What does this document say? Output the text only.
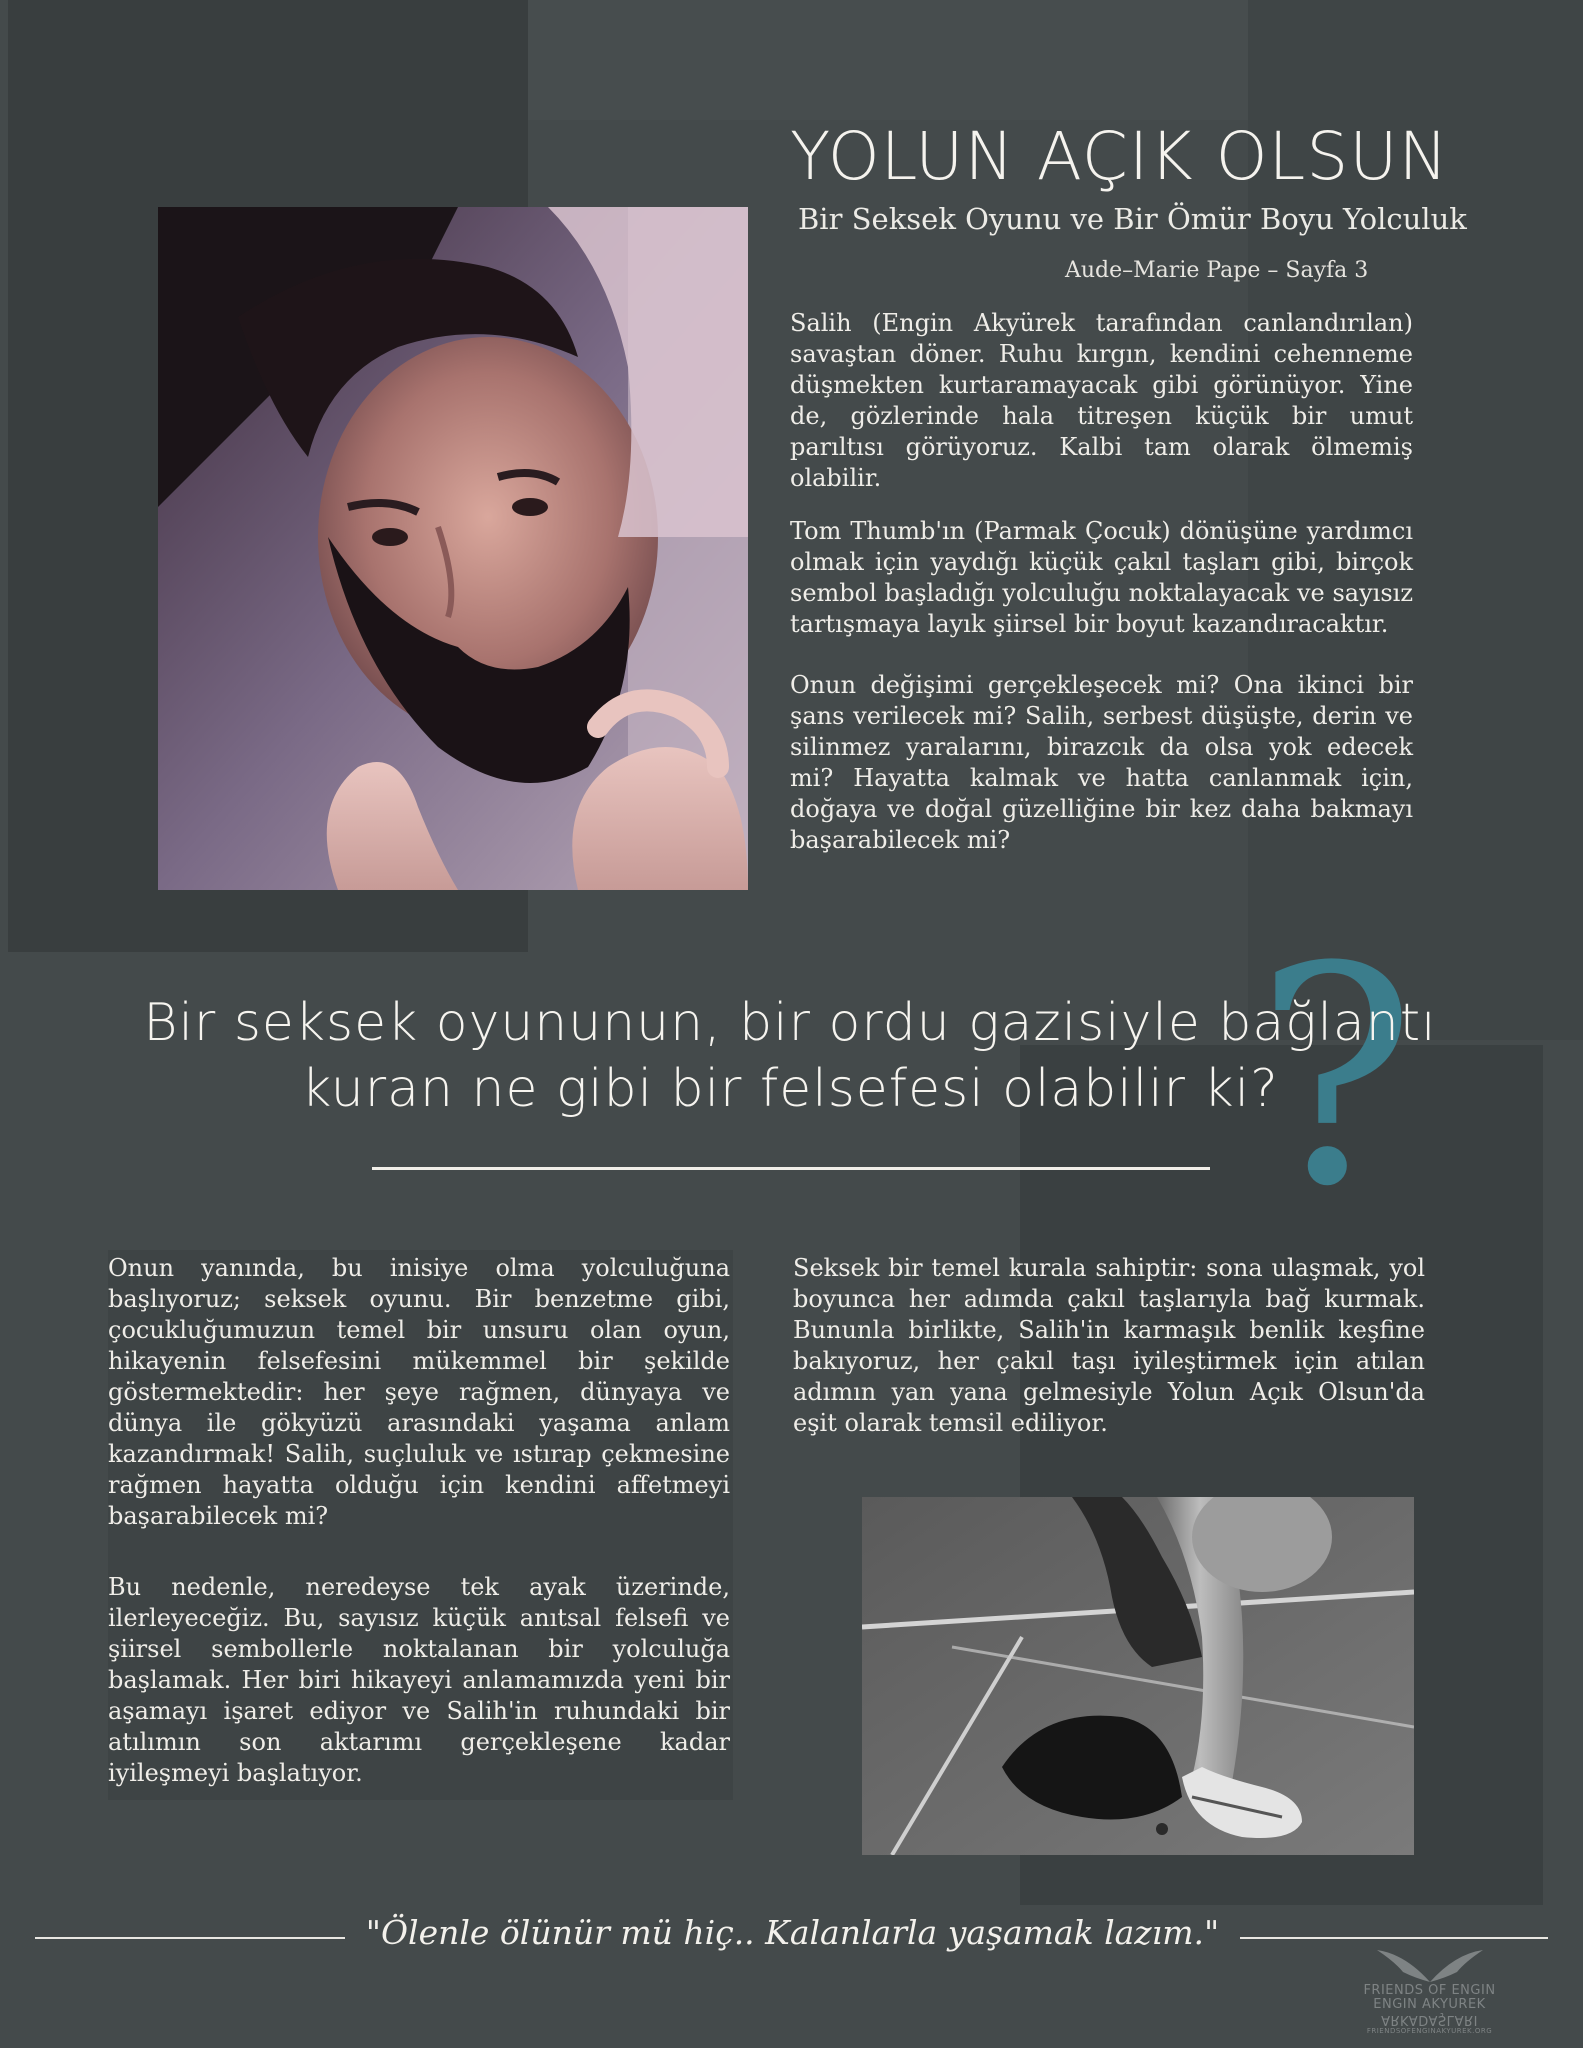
?
YOLUN AÇIK OLSUN
Bir Seksek Oyunu ve Bir Ömür Boyu Yolculuk
Aude–Marie Pape – Sayfa 3

Salih (Engin Akyürek tarafından canlandırılan) savaştan döner. Ruhu kırgın, kendini cehenneme düşmekten kurtaramayacak gibi görünüyor. Yine de, gözlerinde hala titreşen küçük bir umut parıltısı görüyoruz. Kalbi tam olarak ölmemiş olabilir.

Tom Thumb'ın (Parmak Çocuk) dönüşüne yardımcı olmak için yaydığı küçük çakıl taşları gibi, birçok sembol başladığı yolculuğu noktalayacak ve sayısız tartışmaya layık şiirsel bir boyut kazandıracaktır.

Onun değişimi gerçekleşecek mi? Ona ikinci bir şans verilecek mi? Salih, serbest düşüşte, derin ve silinmez yaralarını, birazcık da olsa yok edecek mi? Hayatta kalmak ve hatta canlanmak için, doğaya ve doğal güzelliğine bir kez daha bakmayı başarabilecek mi?

Bir seksek oyununun, bir ordu gazisiyle bağlantı
kuran ne gibi bir felsefesi olabilir ki?

Onun yanında, bu inisiye olma yolculuğuna başlıyoruz; seksek oyunu. Bir benzetme gibi, çocukluğumuzun temel bir unsuru olan oyun, hikayenin felsefesini mükemmel bir şekilde göstermektedir: her şeye rağmen, dünyaya ve dünya ile gökyüzü arasındaki yaşama anlam kazandırmak! Salih, suçluluk ve ıstırap çekmesine rağmen hayatta olduğu için kendini affetmeyi başarabilecek mi?

Bu nedenle, neredeyse tek ayak üzerinde, ilerleyeceğiz. Bu, sayısız küçük anıtsal felsefi ve şiirsel sembollerle noktalanan bir yolculuğa başlamak. Her biri hikayeyi anlamamızda yeni bir aşamayı işaret ediyor ve Salih'in ruhundaki bir atılımın son aktarımı gerçekleşene kadar iyileşmeyi başlatıyor.

Seksek bir temel kurala sahiptir: sona ulaşmak, yol boyunca her adımda çakıl taşlarıyla bağ kurmak. Bununla birlikte, Salih'in karmaşık benlik keşfine bakıyoruz, her çakıl taşı iyileştirmek için atılan adımın yan yana gelmesiyle Yolun Açık Olsun'da eşit olarak temsil ediliyor.

"Ölenle ölünür mü hiç.. Kalanlarla yaşamak lazım."
FRIENDS OF ENGIN
ENGIN AKYUREK
ARKADAŞLARI
FRIENDSOFENGINAKYUREK.ORG
